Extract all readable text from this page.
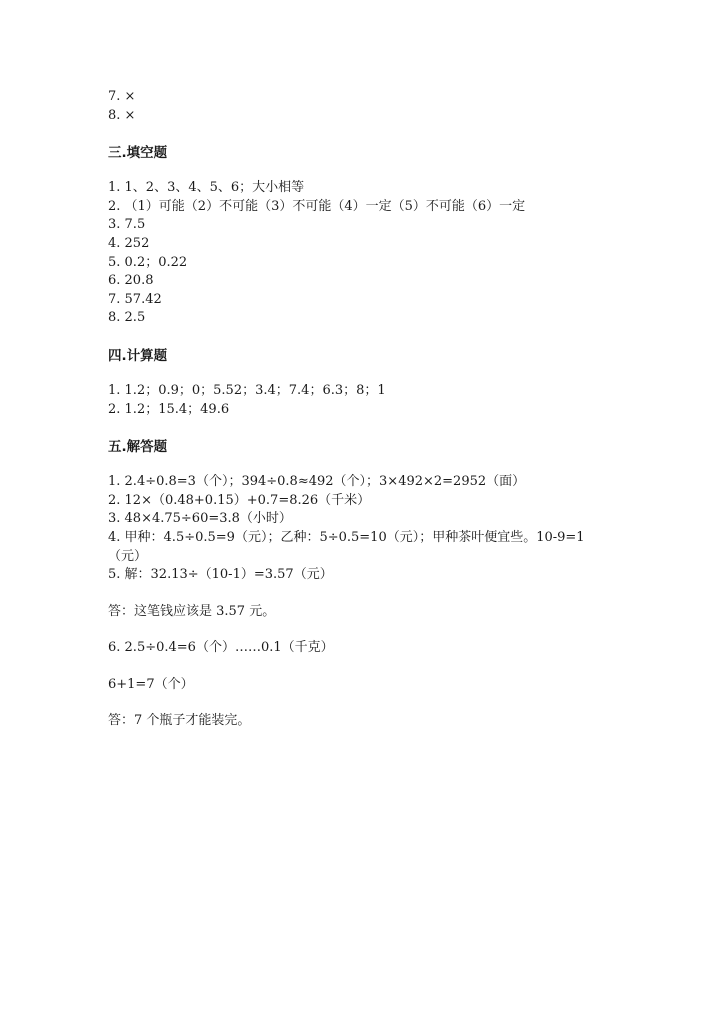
7. ×
8. ×
三.填空题
1. 1、2、3、4、5、6；大小相等
2. （1）可能（2）不可能（3）不可能（4）一定（5）不可能（6）一定
3. 7.5
4. 252
5. 0.2；0.22
6. 20.8
7. 57.42
8. 2.5
四.计算题
1. 1.2；0.9；0；5.52；3.4；7.4；6.3；8；1
2. 1.2；15.4；49.6
五.解答题
1. 2.4÷0.8=3（个）；394÷0.8≈492（个）；3×492×2=2952（面）
2. 12×（0.48+0.15）+0.7=8.26（千米）
3. 48×4.75÷60=3.8（小时）
4. 甲种：4.5÷0.5=9（元）；乙种：5÷0.5=10（元）；甲种茶叶便宜些。10-9=1（元）
5. 解：32.13÷（10-1）=3.57（元）
答：这笔钱应该是 3.57 元。
6. 2.5÷0.4=6（个）……0.1（千克）
6+1=7（个）
答：7 个瓶子才能装完。
